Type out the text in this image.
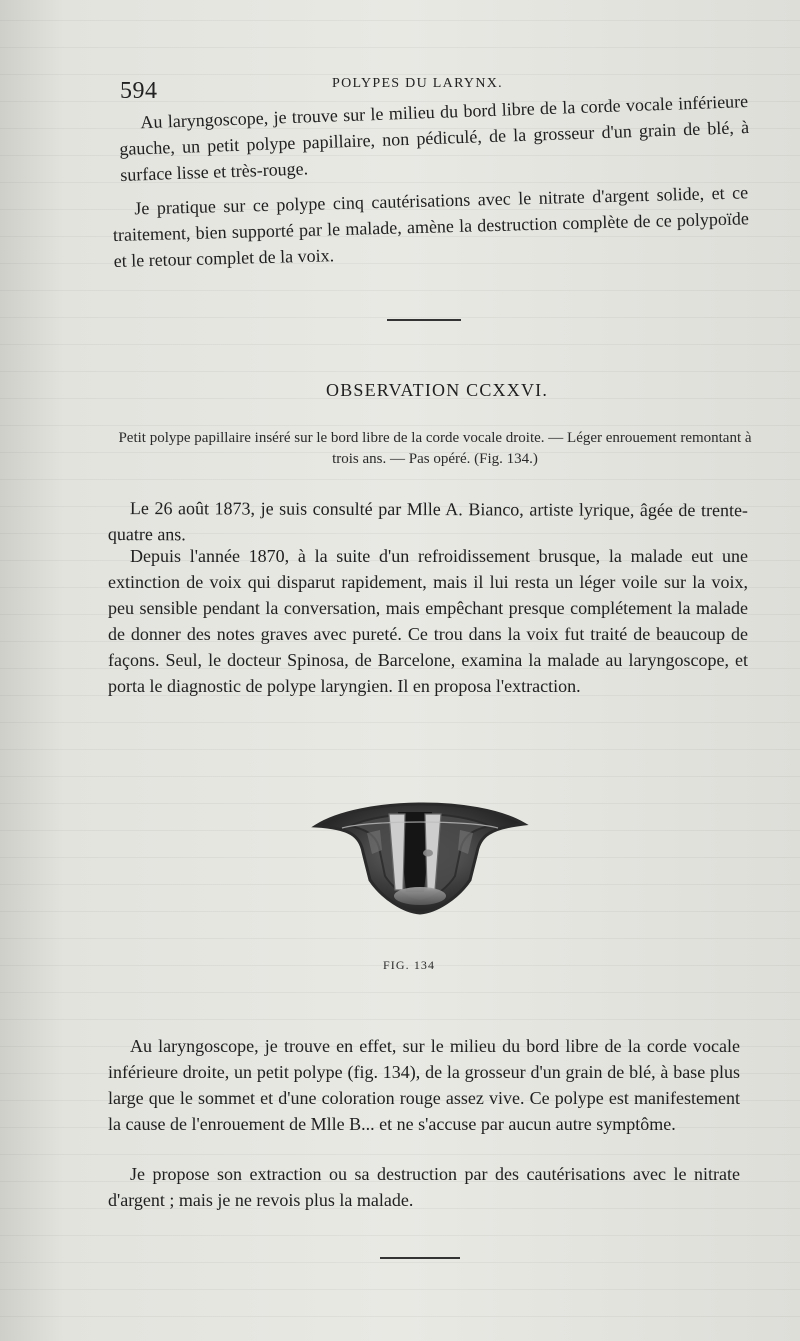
594	POLYPES DU LARYNX.

Au laryngoscope, je trouve sur le milieu du bord libre de la corde vocale inférieure gauche, un petit polype papillaire, non pédiculé, de la grosseur d'un grain de blé, à surface lisse et très-rouge.

Je pratique sur ce polype cinq cautérisations avec le nitrate d'argent solide, et ce traitement, bien supporté par le malade, amène la destruction complète de ce polypoïde et le retour complet de la voix.

OBSERVATION CCXXVI.
Petit polype papillaire inséré sur le bord libre de la corde vocale droite. — Léger enrouement remontant à trois ans. — Pas opéré. (Fig. 134.)

Le 26 août 1873, je suis consulté par Mlle A. Bianco, artiste lyrique, âgée de trente-quatre ans.

Depuis l'année 1870, à la suite d'un refroidissement brusque, la malade eut une extinction de voix qui disparut rapidement, mais il lui resta un léger voile sur la voix, peu sensible pendant la conversation, mais empêchant presque complétement la malade de donner des notes graves avec pureté. Ce trou dans la voix fut traité de beaucoup de façons. Seul, le docteur Spinosa, de Barcelone, examina la malade au laryngoscope, et porta le diagnostic de polype laryngien. Il en proposa l'extraction.

FIG. 134

Au laryngoscope, je trouve en effet, sur le milieu du bord libre de la corde vocale inférieure droite, un petit polype (fig. 134), de la grosseur d'un grain de blé, à base plus large que le sommet et d'une coloration rouge assez vive. Ce polype est manifestement la cause de l'enrouement de Mlle B... et ne s'accuse par aucun autre symptôme.

Je propose son extraction ou sa destruction par des cautérisations avec le nitrate d'argent ; mais je ne revois plus la malade.
